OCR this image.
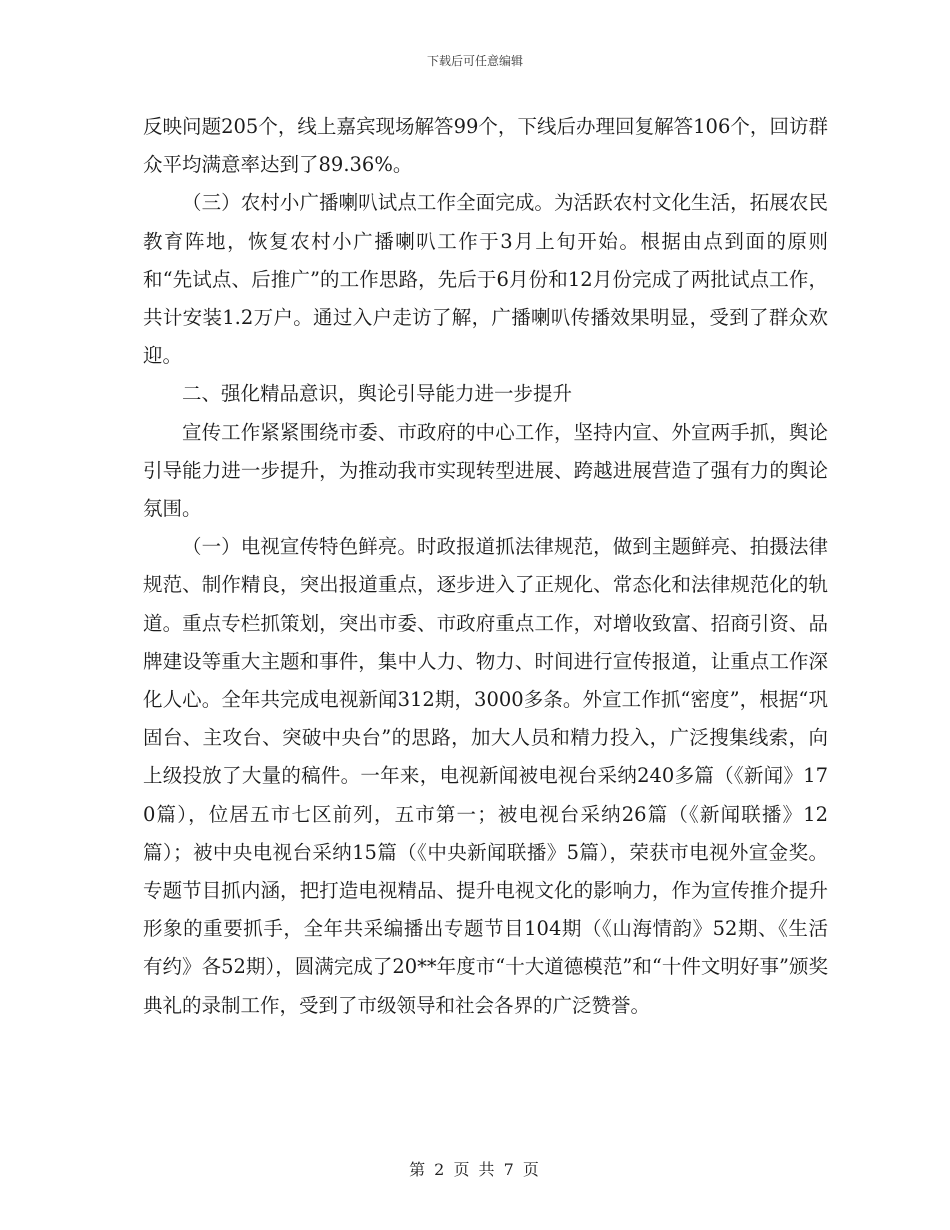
下载后可任意编辑

反映问题205个，线上嘉宾现场解答99个，下线后办理回复解答106个，回访群众平均满意率达到了89.36%。

（三）农村小广播喇叭试点工作全面完成。为活跃农村文化生活，拓展农民教育阵地，恢复农村小广播喇叭工作于3月上旬开始。根据由点到面的原则和“先试点、后推广”的工作思路，先后于6月份和12月份完成了两批试点工作，共计安装1.2万户。通过入户走访了解，广播喇叭传播效果明显，受到了群众欢迎。

二、强化精品意识，舆论引导能力进一步提升

宣传工作紧紧围绕市委、市政府的中心工作，坚持内宣、外宣两手抓，舆论引导能力进一步提升，为推动我市实现转型进展、跨越进展营造了强有力的舆论氛围。

（一）电视宣传特色鲜亮。时政报道抓法律规范，做到主题鲜亮、拍摄法律规范、制作精良，突出报道重点，逐步进入了正规化、常态化和法律规范化的轨道。重点专栏抓策划，突出市委、市政府重点工作，对增收致富、招商引资、品牌建设等重大主题和事件，集中人力、物力、时间进行宣传报道，让重点工作深化人心。全年共完成电视新闻312期，3000多条。外宣工作抓“密度”，根据“巩固台、主攻台、突破中央台”的思路，加大人员和精力投入，广泛搜集线索，向上级投放了大量的稿件。一年来，电视新闻被电视台采纳240多篇（《新闻》170篇），位居五市七区前列，五市第一；被电视台采纳26篇（《新闻联播》12篇）；被中央电视台采纳15篇（《中央新闻联播》5篇），荣获市电视外宣金奖。专题节目抓内涵，把打造电视精品、提升电视文化的影响力，作为宣传推介提升形象的重要抓手，全年共采编播出专题节目104期（《山海情韵》52期、《生活有约》各52期），圆满完成了20**年度市“十大道德模范”和“十件文明好事”颁奖典礼的录制工作，受到了市级领导和社会各界的广泛赞誉。

第 2 页 共 7 页
